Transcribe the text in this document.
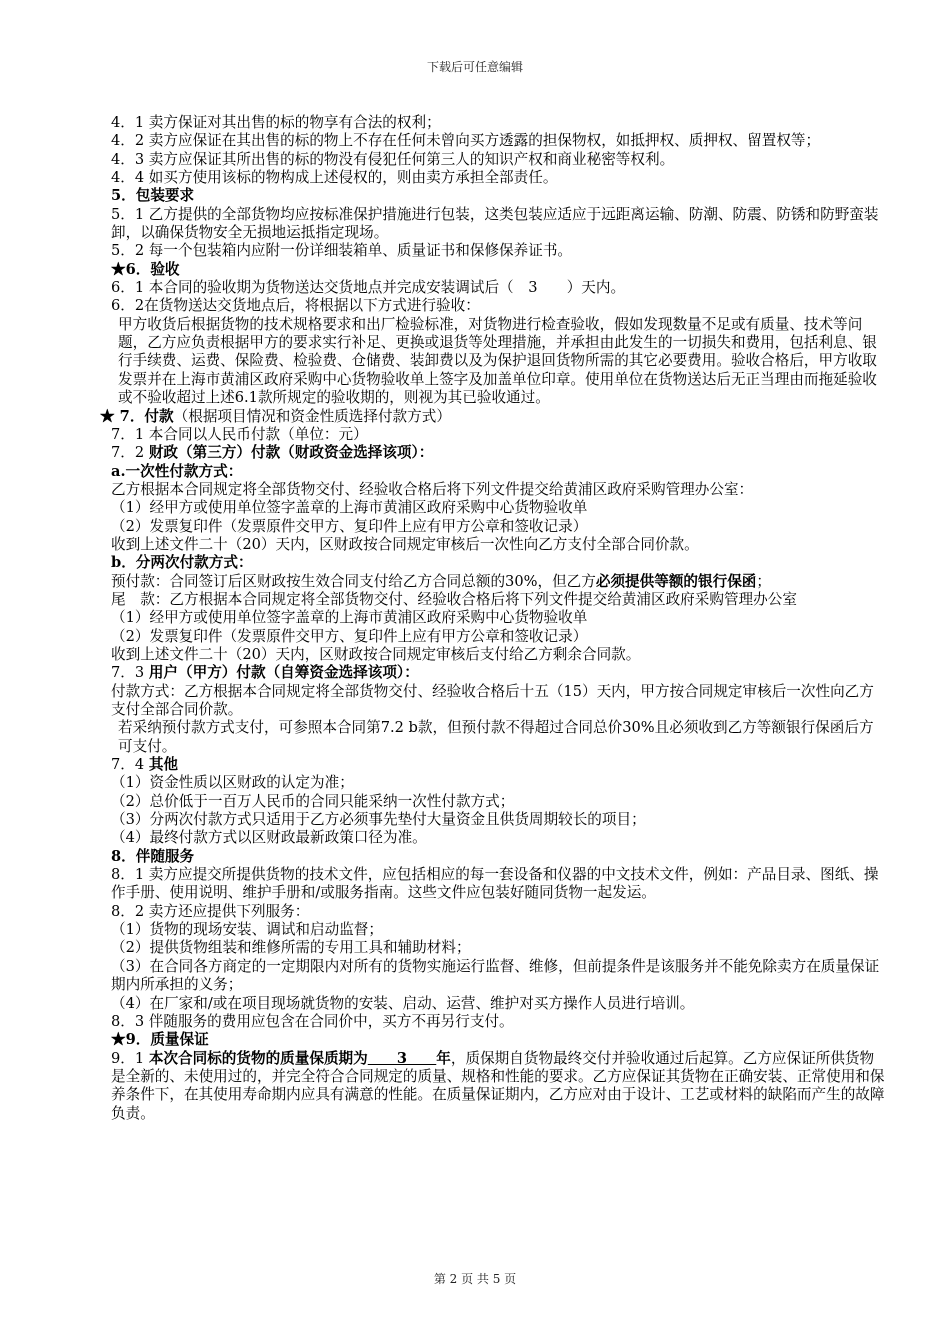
下载后可任意编辑
4．1 卖方保证对其出售的标的物享有合法的权利；
4．2 卖方应保证在其出售的标的物上不存在任何未曾向买方透露的担保物权，如抵押权、质押权、留置权等；
4．3 卖方应保证其所出售的标的物没有侵犯任何第三人的知识产权和商业秘密等权利。
4．4 如买方使用该标的物构成上述侵权的，则由卖方承担全部责任。
5．包装要求
5．1 乙方提供的全部货物均应按标准保护措施进行包装，这类包装应适应于远距离运输、防潮、防震、防锈和防野蛮装卸，以确保货物安全无损地运抵指定现场。
5．2 每一个包装箱内应附一份详细装箱单、质量证书和保修保养证书。
★6．验收
6．1 本合同的验收期为货物送达交货地点并完成安装调试后（　3　　）天内。
6．2在货物送达交货地点后，将根据以下方式进行验收：
甲方收货后根据货物的技术规格要求和出厂检验标准，对货物进行检查验收，假如发现数量不足或有质量、技术等问题，乙方应负责根据甲方的要求实行补足、更换或退货等处理措施，并承担由此发生的一切损失和费用，包括利息、银行手续费、运费、保险费、检验费、仓储费、装卸费以及为保护退回货物所需的其它必要费用。验收合格后，甲方收取发票并在上海市黄浦区政府采购中心货物验收单上签字及加盖单位印章。使用单位在货物送达后无正当理由而拖延验收或不验收超过上述6.1款所规定的验收期的，则视为其已验收通过。
★ 7．付款（根据项目情况和资金性质选择付款方式）
7．1 本合同以人民币付款（单位：元）
7．2 财政（第三方）付款（财政资金选择该项）：
a.一次性付款方式：
乙方根据本合同规定将全部货物交付、经验收合格后将下列文件提交给黄浦区政府采购管理办公室：
（1）经甲方或使用单位签字盖章的上海市黄浦区政府采购中心货物验收单
（2）发票复印件（发票原件交甲方、复印件上应有甲方公章和签收记录）
收到上述文件二十（20）天内，区财政按合同规定审核后一次性向乙方支付全部合同价款。
b．分两次付款方式：
预付款：合同签订后区财政按生效合同支付给乙方合同总额的30%，但乙方必须提供等额的银行保函；
尾　款：乙方根据本合同规定将全部货物交付、经验收合格后将下列文件提交给黄浦区政府采购管理办公室
（1）经甲方或使用单位签字盖章的上海市黄浦区政府采购中心货物验收单
（2）发票复印件（发票原件交甲方、复印件上应有甲方公章和签收记录）
收到上述文件二十（20）天内，区财政按合同规定审核后支付给乙方剩余合同款。
7．3 用户（甲方）付款（自筹资金选择该项）：
付款方式：乙方根据本合同规定将全部货物交付、经验收合格后十五（15）天内，甲方按合同规定审核后一次性向乙方支付全部合同价款。
若采纳预付款方式支付，可参照本合同第7.2 b款，但预付款不得超过合同总价30%且必须收到乙方等额银行保函后方可支付。
7．4 其他
（1）资金性质以区财政的认定为准；
（2）总价低于一百万人民币的合同只能采纳一次性付款方式；
（3）分两次付款方式只适用于乙方必须事先垫付大量资金且供货周期较长的项目；
（4）最终付款方式以区财政最新政策口径为准。
8．伴随服务
8．1 卖方应提交所提供货物的技术文件，应包括相应的每一套设备和仪器的中文技术文件，例如：产品目录、图纸、操作手册、使用说明、维护手册和/或服务指南。这些文件应包装好随同货物一起发运。
8．2 卖方还应提供下列服务：
（1）货物的现场安装、调试和启动监督；
（2）提供货物组装和维修所需的专用工具和辅助材料；
（3）在合同各方商定的一定期限内对所有的货物实施运行监督、维修，但前提条件是该服务并不能免除卖方在质量保证期内所承担的义务；
（4）在厂家和/或在项目现场就货物的安装、启动、运营、维护对买方操作人员进行培训。
8．3 伴随服务的费用应包含在合同价中，买方不再另行支付。
★9．质量保证
9．1 本次合同标的货物的质量保质期为　　3　　年，质保期自货物最终交付并验收通过后起算。乙方应保证所供货物是全新的、未使用过的，并完全符合合同规定的质量、规格和性能的要求。乙方应保证其货物在正确安装、正常使用和保养条件下，在其使用寿命期内应具有满意的性能。在质量保证期内，乙方应对由于设计、工艺或材料的缺陷而产生的故障负责。
第 2 页 共 5 页
